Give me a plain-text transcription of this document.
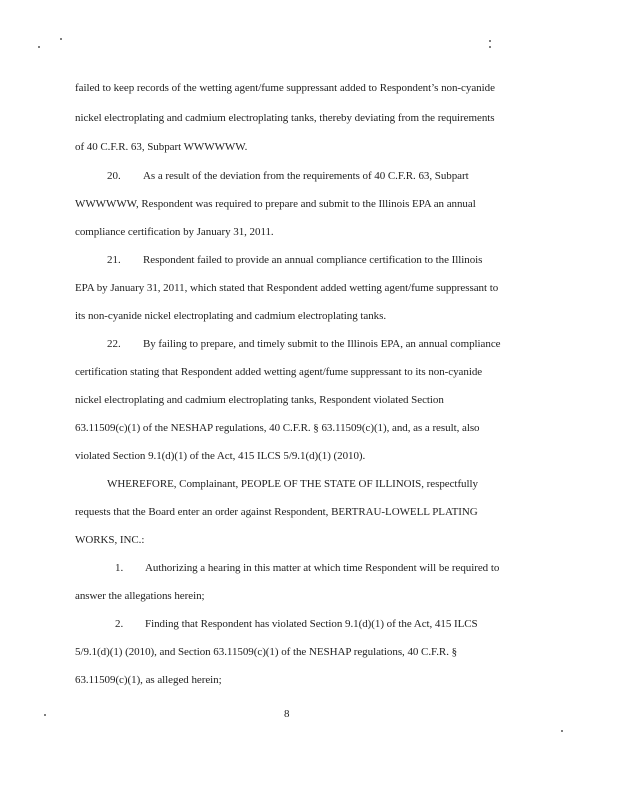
failed to keep records of the wetting agent/fume suppressant added to Respondent’s non-cyanide
nickel electroplating and cadmium electroplating tanks, thereby deviating from the requirements
of 40 C.F.R. 63, Subpart WWWWWW.
20. As a result of the deviation from the requirements of 40 C.F.R. 63, Subpart
WWWWWW, Respondent was required to prepare and submit to the Illinois EPA an annual
compliance certification by January 31, 2011.
21. Respondent failed to provide an annual compliance certification to the Illinois
EPA by January 31, 2011, which stated that Respondent added wetting agent/fume suppressant to
its non-cyanide nickel electroplating and cadmium electroplating tanks.
22. By failing to prepare, and timely submit to the Illinois EPA, an annual compliance
certification stating that Respondent added wetting agent/fume suppressant to its non-cyanide
nickel electroplating and cadmium electroplating tanks, Respondent violated Section
63.11509(c)(1) of the NESHAP regulations, 40 C.F.R. § 63.11509(c)(1), and, as a result, also
violated Section 9.1(d)(1) of the Act, 415 ILCS 5/9.1(d)(1) (2010).
WHEREFORE, Complainant, PEOPLE OF THE STATE OF ILLINOIS, respectfully
requests that the Board enter an order against Respondent, BERTRAU-LOWELL PLATING
WORKS, INC.:
1. Authorizing a hearing in this matter at which time Respondent will be required to
answer the allegations herein;
2. Finding that Respondent has violated Section 9.1(d)(1) of the Act, 415 ILCS
5/9.1(d)(1) (2010), and Section 63.11509(c)(1) of the NESHAP regulations, 40 C.F.R. §
63.11509(c)(1), as alleged herein;
8
